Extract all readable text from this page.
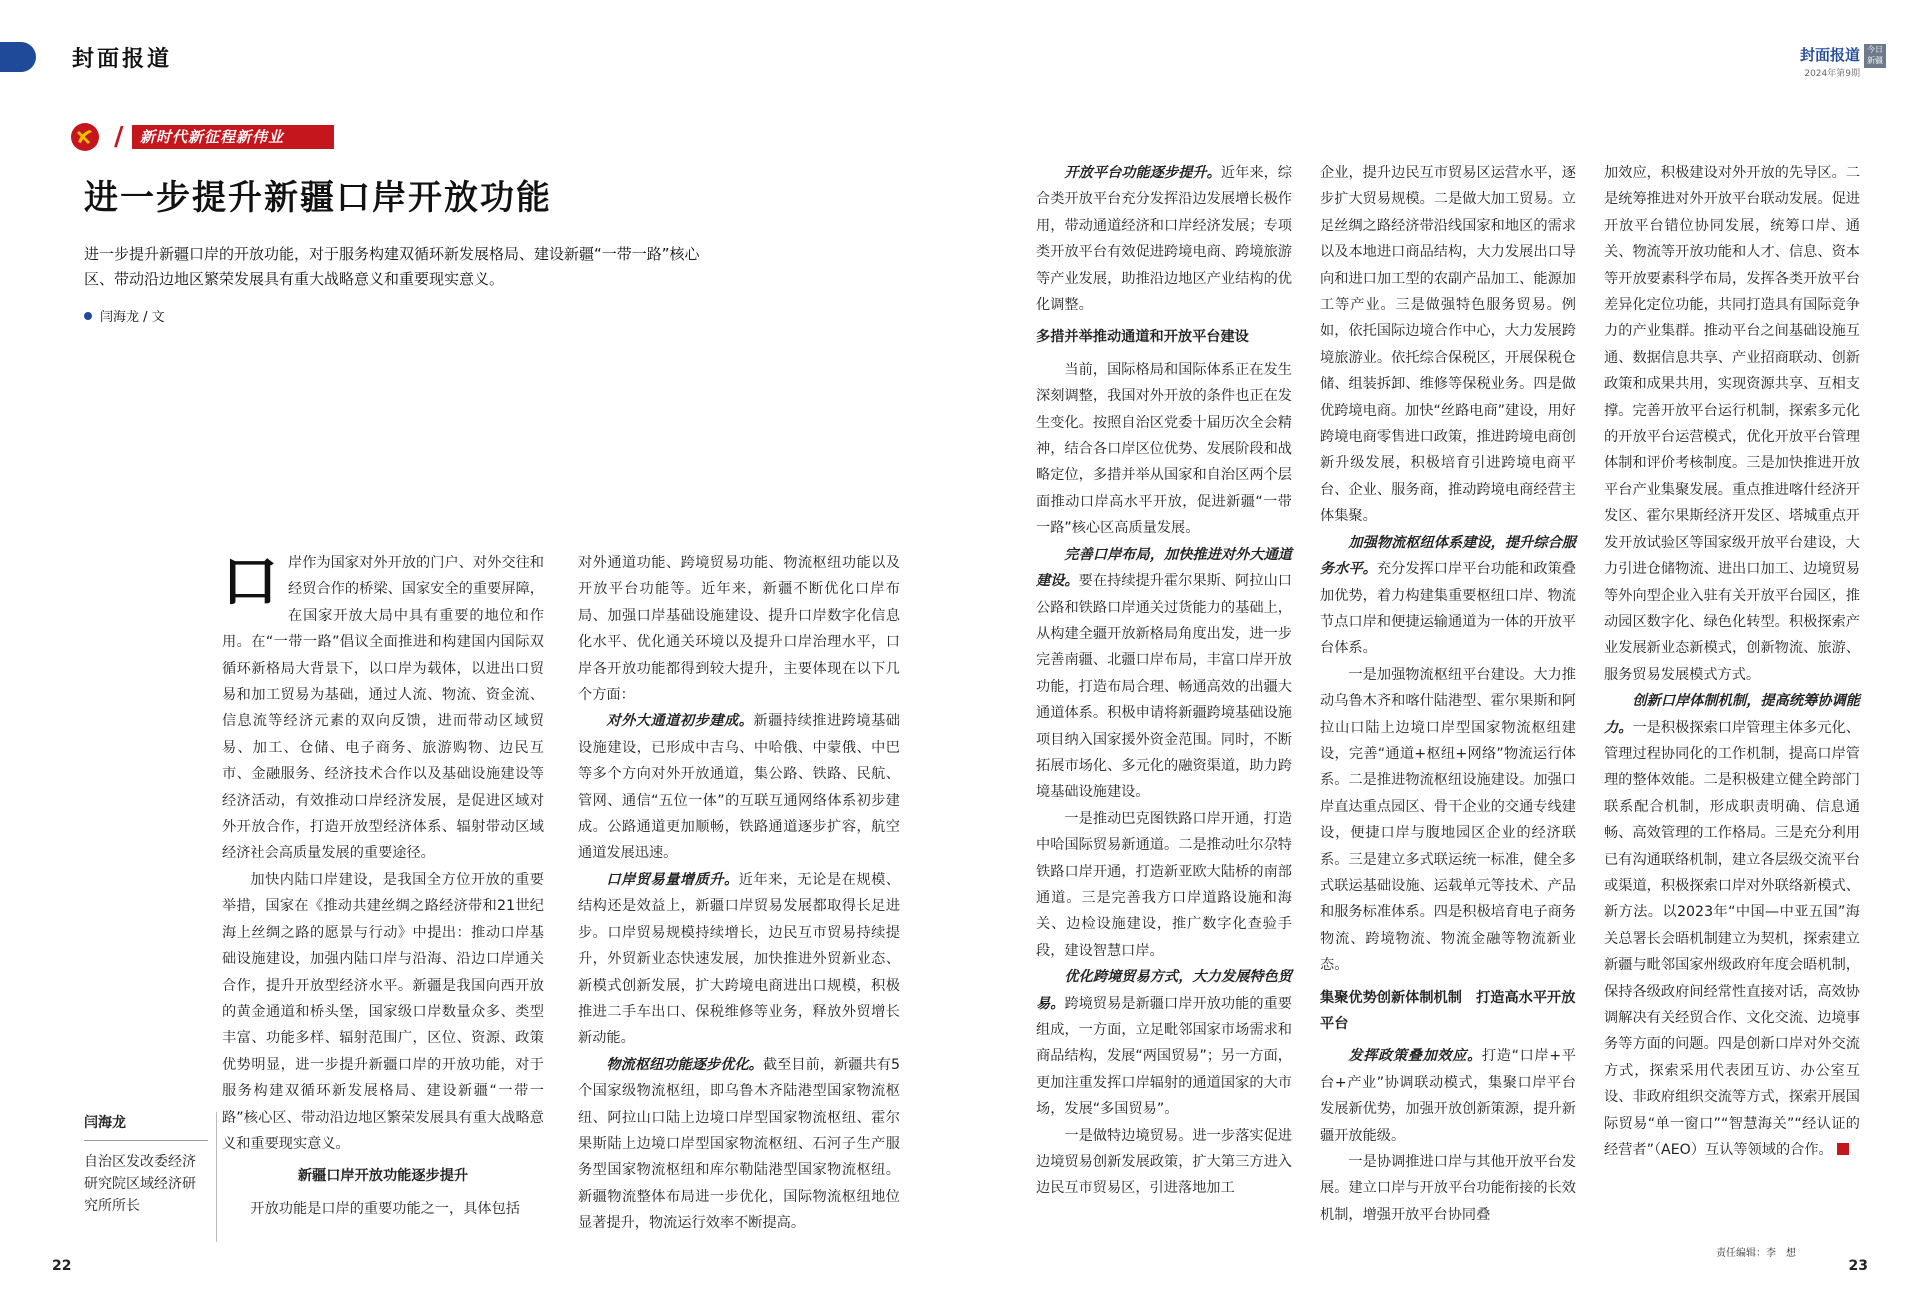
封面报道	封面报道
2024年第9期
今日新疆
/	新时代新征程新伟业
进一步提升新疆口岸开放功能
进一步提升新疆口岸的开放功能，对于服务构建双循环新发展格局、建设新疆“一带一路”核心区、带动沿边地区繁荣发展具有重大战略意义和重要现实意义。
闫海龙 / 文
闫海龙
自治区发改委经济研究院区域经济研究所所长
口 岸作为国家对外开放的门户、对外交往和经贸合作的桥梁、国家安全的重要屏障，在国家开放大局中具有重要的地位和作用。在“一带一路”倡议全面推进和构建国内国际双循环新格局大背景下，以口岸为载体，以进出口贸易和加工贸易为基础，通过人流、物流、资金流、信息流等经济元素的双向反馈，进而带动区域贸易、加工、仓储、电子商务、旅游购物、边民互市、金融服务、经济技术合作以及基础设施建设等经济活动，有效推动口岸经济发展，是促进区域对外开放合作，打造开放型经济体系、辐射带动区域经济社会高质量发展的重要途径。

加快内陆口岸建设，是我国全方位开放的重要举措，国家在《推动共建丝绸之路经济带和21世纪海上丝绸之路的愿景与行动》中提出：推动口岸基础设施建设，加强内陆口岸与沿海、沿边口岸通关合作，提升开放型经济水平。新疆是我国向西开放的黄金通道和桥头堡，国家级口岸数量众多、类型丰富、功能多样、辐射范围广，区位、资源、政策优势明显，进一步提升新疆口岸的开放功能，对于服务构建双循环新发展格局、建设新疆“一带一路”核心区、带动沿边地区繁荣发展具有重大战略意义和重要现实意义。

新疆口岸开放功能逐步提升

开放功能是口岸的重要功能之一，具体包括

对外通道功能、跨境贸易功能、物流枢纽功能以及开放平台功能等。近年来，新疆不断优化口岸布局、加强口岸基础设施建设、提升口岸数字化信息化水平、优化通关环境以及提升口岸治理水平，口岸各开放功能都得到较大提升，主要体现在以下几个方面：

对外大通道初步建成。新疆持续推进跨境基础设施建设，已形成中吉乌、中哈俄、中蒙俄、中巴等多个方向对外开放通道，集公路、铁路、民航、管网、通信“五位一体”的互联互通网络体系初步建成。公路通道更加顺畅，铁路通道逐步扩容，航空通道发展迅速。

口岸贸易量增质升。近年来，无论是在规模、结构还是效益上，新疆口岸贸易发展都取得长足进步。口岸贸易规模持续增长，边民互市贸易持续提升，外贸新业态快速发展，加快推进外贸新业态、新模式创新发展，扩大跨境电商进出口规模，积极推进二手车出口、保税维修等业务，释放外贸增长新动能。

物流枢纽功能逐步优化。截至目前，新疆共有5个国家级物流枢纽，即乌鲁木齐陆港型国家物流枢纽、阿拉山口陆上边境口岸型国家物流枢纽、霍尔果斯陆上边境口岸型国家物流枢纽、石河子生产服务型国家物流枢纽和库尔勒陆港型国家物流枢纽。新疆物流整体布局进一步优化，国际物流枢纽地位显著提升，物流运行效率不断提高。

开放平台功能逐步提升。近年来，综合类开放平台充分发挥沿边发展增长极作用，带动通道经济和口岸经济发展；专项类开放平台有效促进跨境电商、跨境旅游等产业发展，助推沿边地区产业结构的优化调整。

多措并举推动通道和开放平台建设

当前，国际格局和国际体系正在发生深刻调整，我国对外开放的条件也正在发生变化。按照自治区党委十届历次全会精神，结合各口岸区位优势、发展阶段和战略定位，多措并举从国家和自治区两个层面推动口岸高水平开放，促进新疆“一带一路”核心区高质量发展。

完善口岸布局，加快推进对外大通道建设。要在持续提升霍尔果斯、阿拉山口公路和铁路口岸通关过货能力的基础上，从构建全疆开放新格局角度出发，进一步完善南疆、北疆口岸布局，丰富口岸开放功能，打造布局合理、畅通高效的出疆大通道体系。积极申请将新疆跨境基础设施项目纳入国家援外资金范围。同时，不断拓展市场化、多元化的融资渠道，助力跨境基础设施建设。

一是推动巴克图铁路口岸开通，打造中哈国际贸易新通道。二是推动吐尔尕特铁路口岸开通，打造新亚欧大陆桥的南部通道。三是完善我方口岸道路设施和海关、边检设施建设，推广数字化查验手段，建设智慧口岸。

优化跨境贸易方式，大力发展特色贸易。跨境贸易是新疆口岸开放功能的重要组成，一方面，立足毗邻国家市场需求和商品结构，发展“两国贸易”；另一方面，更加注重发挥口岸辐射的通道国家的大市场，发展“多国贸易”。

一是做特边境贸易。进一步落实促进边境贸易创新发展政策，扩大第三方进入边民互市贸易区，引进落地加工

企业，提升边民互市贸易区运营水平，逐步扩大贸易规模。二是做大加工贸易。立足丝绸之路经济带沿线国家和地区的需求以及本地进口商品结构，大力发展出口导向和进口加工型的农副产品加工、能源加工等产业。三是做强特色服务贸易。例如，依托国际边境合作中心，大力发展跨境旅游业。依托综合保税区，开展保税仓储、组装拆卸、维修等保税业务。四是做优跨境电商。加快“丝路电商”建设，用好跨境电商零售进口政策，推进跨境电商创新升级发展，积极培育引进跨境电商平台、企业、服务商，推动跨境电商经营主体集聚。

加强物流枢纽体系建设，提升综合服务水平。充分发挥口岸平台功能和政策叠加优势，着力构建集重要枢纽口岸、物流节点口岸和便捷运输通道为一体的开放平台体系。

一是加强物流枢纽平台建设。大力推动乌鲁木齐和喀什陆港型、霍尔果斯和阿拉山口陆上边境口岸型国家物流枢纽建设，完善“通道+枢纽+网络”物流运行体系。二是推进物流枢纽设施建设。加强口岸直达重点园区、骨干企业的交通专线建设，便捷口岸与腹地园区企业的经济联系。三是建立多式联运统一标准，健全多式联运基础设施、运载单元等技术、产品和服务标准体系。四是积极培育电子商务物流、跨境物流、物流金融等物流新业态。

集聚优势创新体制机制　打造高水平开放平台

发挥政策叠加效应。打造“口岸+平台+产业”协调联动模式，集聚口岸平台发展新优势，加强开放创新策源，提升新疆开放能级。

一是协调推进口岸与其他开放平台发展。建立口岸与开放平台功能衔接的长效机制，增强开放平台协同叠

加效应，积极建设对外开放的先导区。二是统筹推进对外开放平台联动发展。促进开放平台错位协同发展，统筹口岸、通关、物流等开放功能和人才、信息、资本等开放要素科学布局，发挥各类开放平台差异化定位功能，共同打造具有国际竞争力的产业集群。推动平台之间基础设施互通、数据信息共享、产业招商联动、创新政策和成果共用，实现资源共享、互相支撑。完善开放平台运行机制，探索多元化的开放平台运营模式，优化开放平台管理体制和评价考核制度。三是加快推进开放平台产业集聚发展。重点推进喀什经济开发区、霍尔果斯经济开发区、塔城重点开发开放试验区等国家级开放平台建设，大力引进仓储物流、进出口加工、边境贸易等外向型企业入驻有关开放平台园区，推动园区数字化、绿色化转型。积极探索产业发展新业态新模式，创新物流、旅游、服务贸易发展模式方式。

创新口岸体制机制，提高统筹协调能力。一是积极探索口岸管理主体多元化、管理过程协同化的工作机制，提高口岸管理的整体效能。二是积极建立健全跨部门联系配合机制，形成职责明确、信息通畅、高效管理的工作格局。三是充分利用已有沟通联络机制，建立各层级交流平台或渠道，积极探索口岸对外联络新模式、新方法。以2023年“中国—中亚五国”海关总署长会晤机制建立为契机，探索建立新疆与毗邻国家州级政府年度会晤机制，保持各级政府间经常性直接对话，高效协调解决有关经贸合作、文化交流、边境事务等方面的问题。四是创新口岸对外交流方式，探索采用代表团互访、办公室互设、非政府组织交流等方式，探索开展国际贸易“单一窗口”“智慧海关”“经认证的经营者”（AEO）互认等领域的合作。

22
责任编辑：李　想
23
